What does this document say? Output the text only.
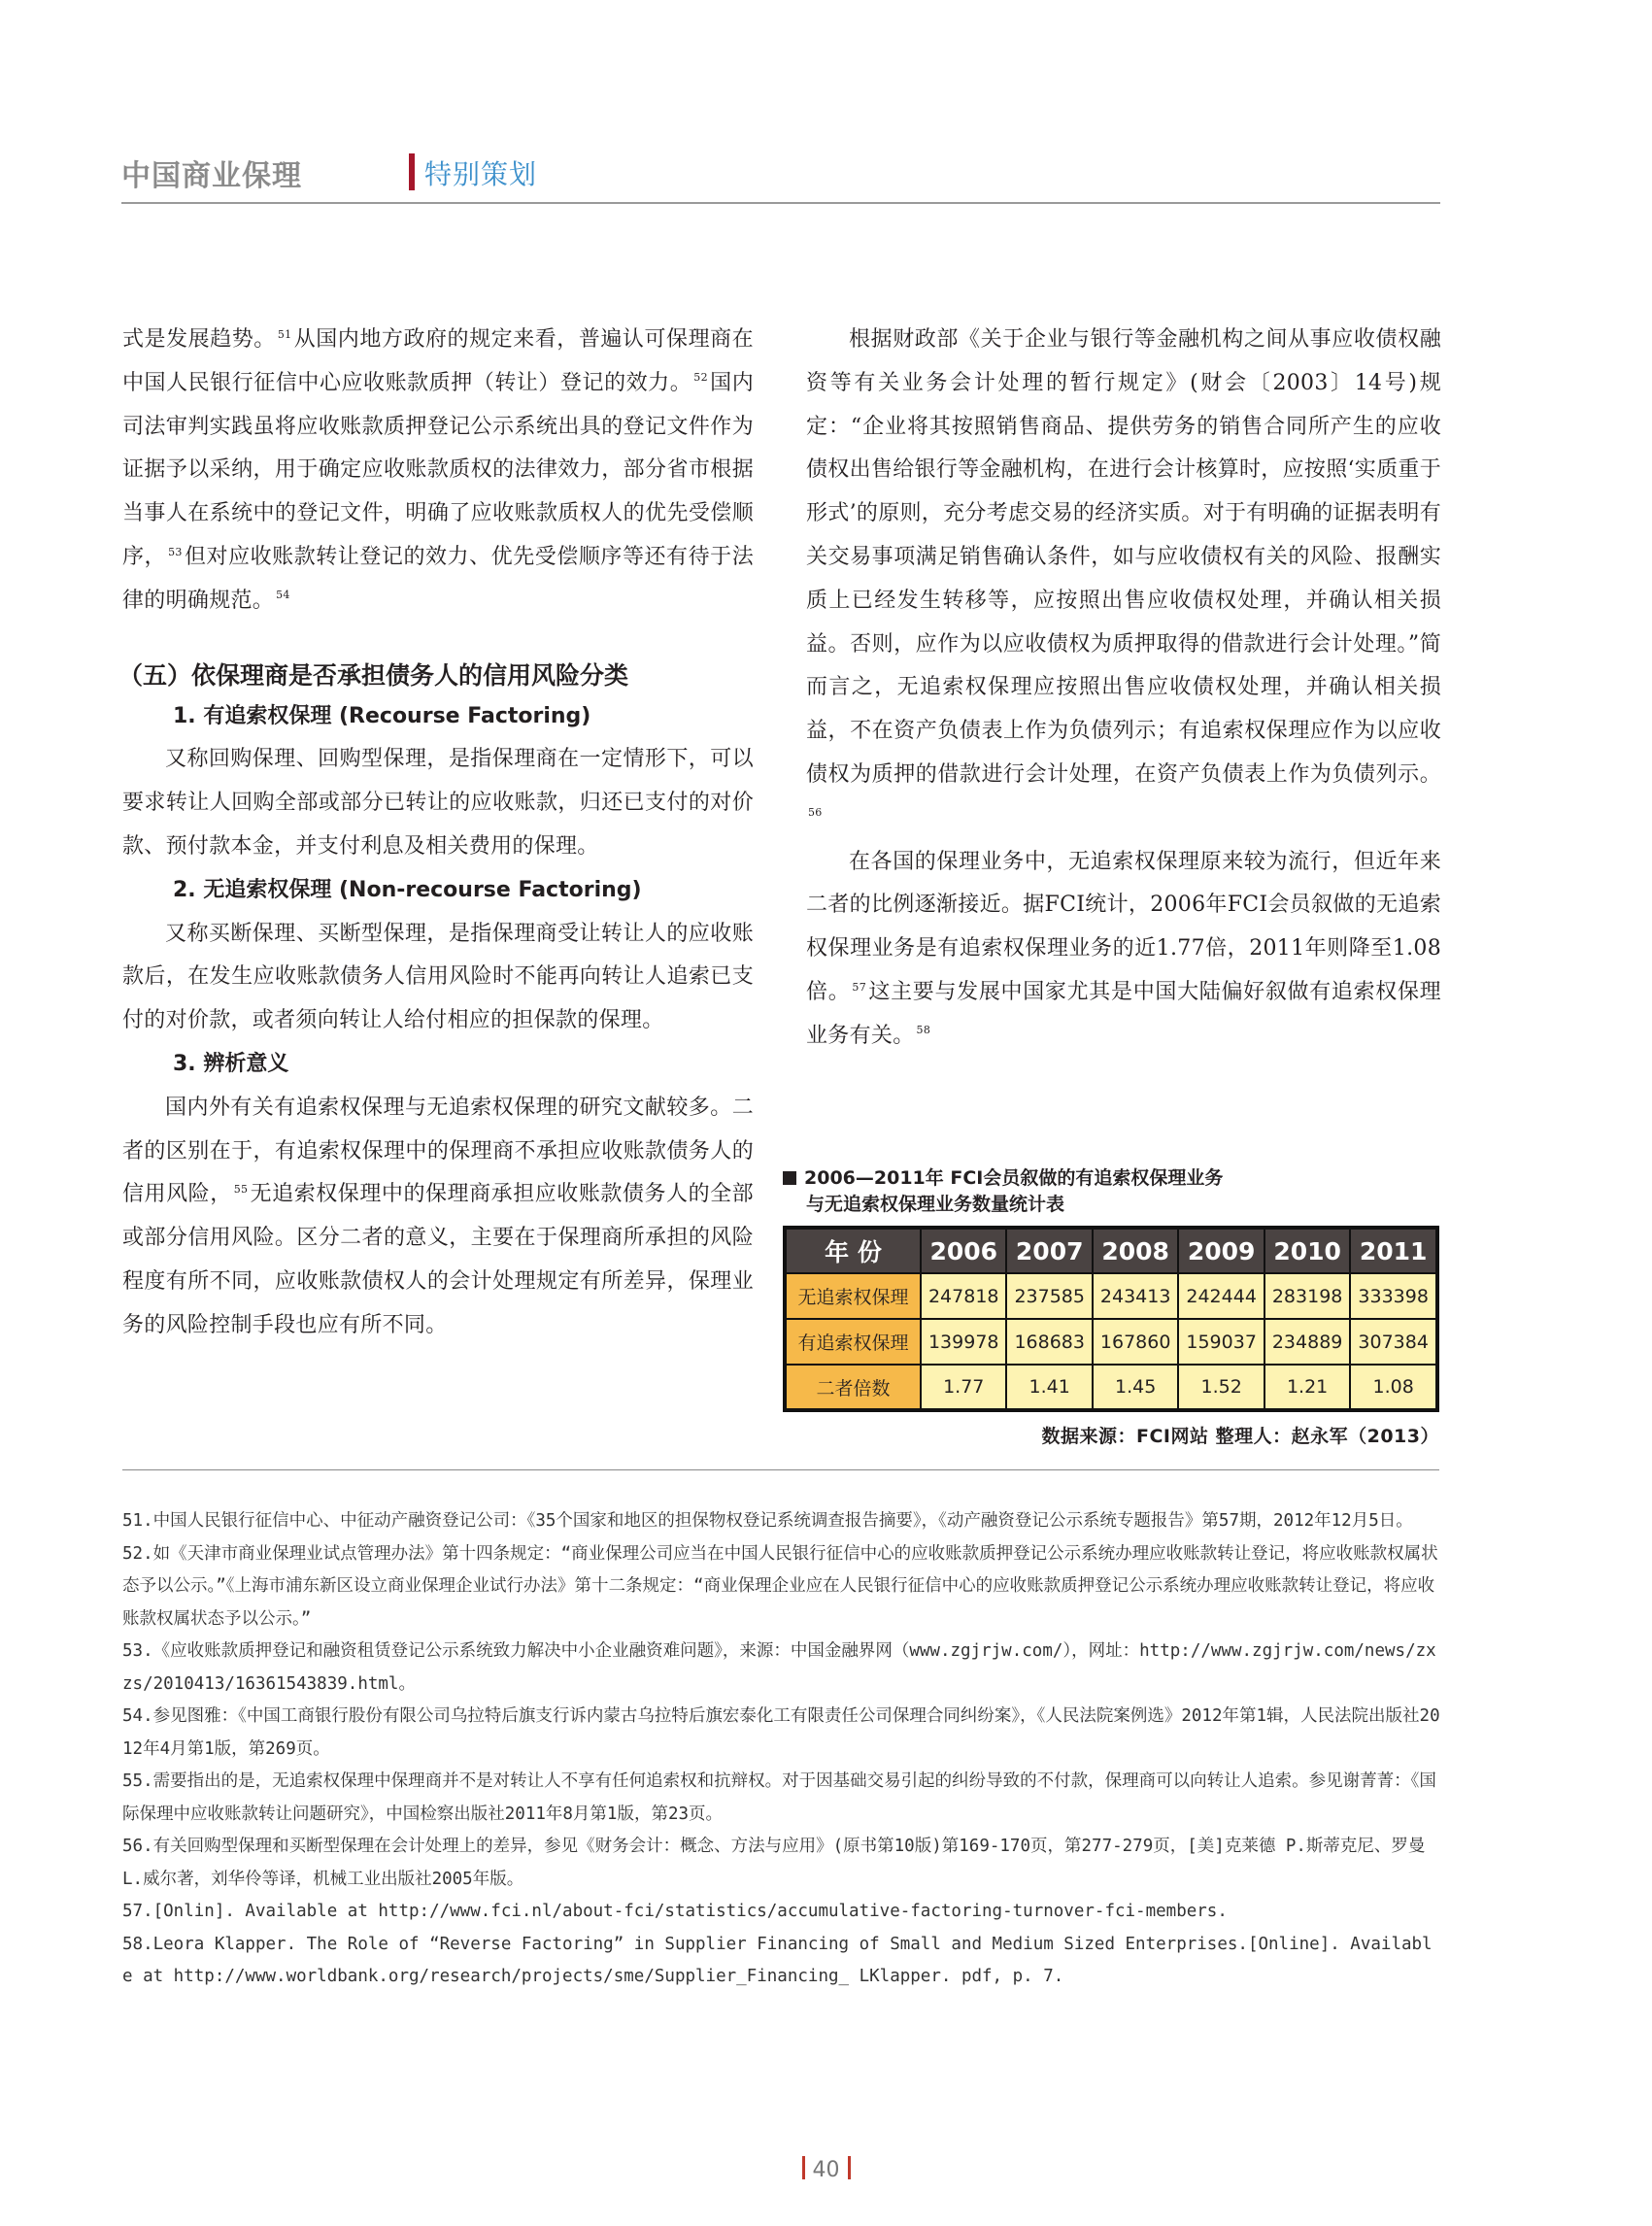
中国商业保理	特别策划

式是发展趋势。 $^{51}$从国内地方政府的规定来看，普遍认可保理商在中国人民银行征信中心应收账款质押（转让）登记的效力。 $^{52}$国内司法审判实践虽将应收账款质押登记公示系统出具的登记文件作为证据予以采纳，用于确定应收账款质权的法律效力，部分省市根据当事人在系统中的登记文件，明确了应收账款质权人的优先受偿顺序， $^{53}$但对应收账款转让登记的效力、优先受偿顺序等还有待于法律的明确规范。 $^{54}$

（五）依保理商是否承担债务人的信用风险分类
1. 有追索权保理 (Recourse Factoring)

又称回购保理、回购型保理，是指保理商在一定情形下，可以要求转让人回购全部或部分已转让的应收账款，归还已支付的对价款、预付款本金，并支付利息及相关费用的保理。

2. 无追索权保理 (Non-recourse Factoring)

又称买断保理、买断型保理，是指保理商受让转让人的应收账款后，在发生应收账款债务人信用风险时不能再向转让人追索已支付的对价款，或者须向转让人给付相应的担保款的保理。

3. 辨析意义

国内外有关有追索权保理与无追索权保理的研究文献较多。二者的区别在于，有追索权保理中的保理商不承担应收账款债务人的信用风险， $^{55}$无追索权保理中的保理商承担应收账款债务人的全部或部分信用风险。区分二者的意义，主要在于保理商所承担的风险程度有所不同，应收账款债权人的会计处理规定有所差异，保理业务的风险控制手段也应有所不同。

根据财政部《关于企业与银行等金融机构之间从事应收债权融资等有关业务会计处理的暂行规定》(财会〔2003〕14号)规定：“企业将其按照销售商品、提供劳务的销售合同所产生的应收债权出售给银行等金融机构，在进行会计核算时，应按照‘实质重于形式’的原则，充分考虑交易的经济实质。对于有明确的证据表明有关交易事项满足销售确认条件，如与应收债权有关的风险、报酬实质上已经发生转移等，应按照出售应收债权处理，并确认相关损益。否则，应作为以应收债权为质押取得的借款进行会计处理。”简而言之，无追索权保理应按照出售应收债权处理，并确认相关损益，不在资产负债表上作为负债列示；有追索权保理应作为以应收债权为质押的借款进行会计处理，在资产负债表上作为负债列示。$^{56}$

在各国的保理业务中，无追索权保理原来较为流行，但近年来二者的比例逐渐接近。据FCI统计，2006年FCI会员叙做的无追索权保理业务是有追索权保理业务的近1.77倍，2011年则降至1.08倍。 $^{57}$这主要与发展中国家尤其是中国大陆偏好叙做有追索权保理业务有关。 $^{58}$

2006—2011年 FCI会员叙做的有追索权保理业务
与无追索权保理业务数量统计表
年 份	2006	2007	2008	2009	2010	2011
无追索权保理	247818	237585	243413	242444	283198	333398
有追索权保理	139978	168683	167860	159037	234889	307384
二者倍数	1.77	1.41	1.45	1.52	1.21	1.08
数据来源：FCI网站 整理人：赵永军（2013）

51.中国人民银行征信中心、中征动产融资登记公司：《35个国家和地区的担保物权登记系统调查报告摘要》，《动产融资登记公示系统专题报告》第57期，2012年12月5日。

52.如《天津市商业保理业试点管理办法》第十四条规定：“商业保理公司应当在中国人民银行征信中心的应收账款质押登记公示系统办理应收账款转让登记，将应收账款权属状态予以公示。”《上海市浦东新区设立商业保理企业试行办法》第十二条规定：“商业保理企业应在人民银行征信中心的应收账款质押登记公示系统办理应收账款转让登记，将应收账款权属状态予以公示。”

53.《应收账款质押登记和融资租赁登记公示系统致力解决中小企业融资难问题》，来源：中国金融界网（www.zgjrjw.com/），网址：http://www.zgjrjw.com/news/zxzs/2010413/16361543839.html。

54.参见图雅：《中国工商银行股份有限公司乌拉特后旗支行诉内蒙古乌拉特后旗宏泰化工有限责任公司保理合同纠纷案》，《人民法院案例选》2012年第1辑，人民法院出版社2012年4月第1版，第269页。

55.需要指出的是，无追索权保理中保理商并不是对转让人不享有任何追索权和抗辩权。对于因基础交易引起的纠纷导致的不付款，保理商可以向转让人追索。参见谢菁菁：《国际保理中应收账款转让问题研究》，中国检察出版社2011年8月第1版，第23页。

56.有关回购型保理和买断型保理在会计处理上的差异，参见《财务会计：概念、方法与应用》(原书第10版)第169-170页，第277-279页，[美]克莱德 P.斯蒂克尼、罗曼 L.威尔著，刘华伶等译，机械工业出版社2005年版。

57.[Onlin]. Available at http://www.fci.nl/about-fci/statistics/accumulative-factoring-turnover-fci-members.

58.Leora Klapper. The Role of “Reverse Factoring” in Supplier Financing of Small and Medium Sized Enterprises.[Online]. Available at http://www.worldbank.org/research/projects/sme/Supplier_Financing_ LKlapper. pdf, p. 7.

40
